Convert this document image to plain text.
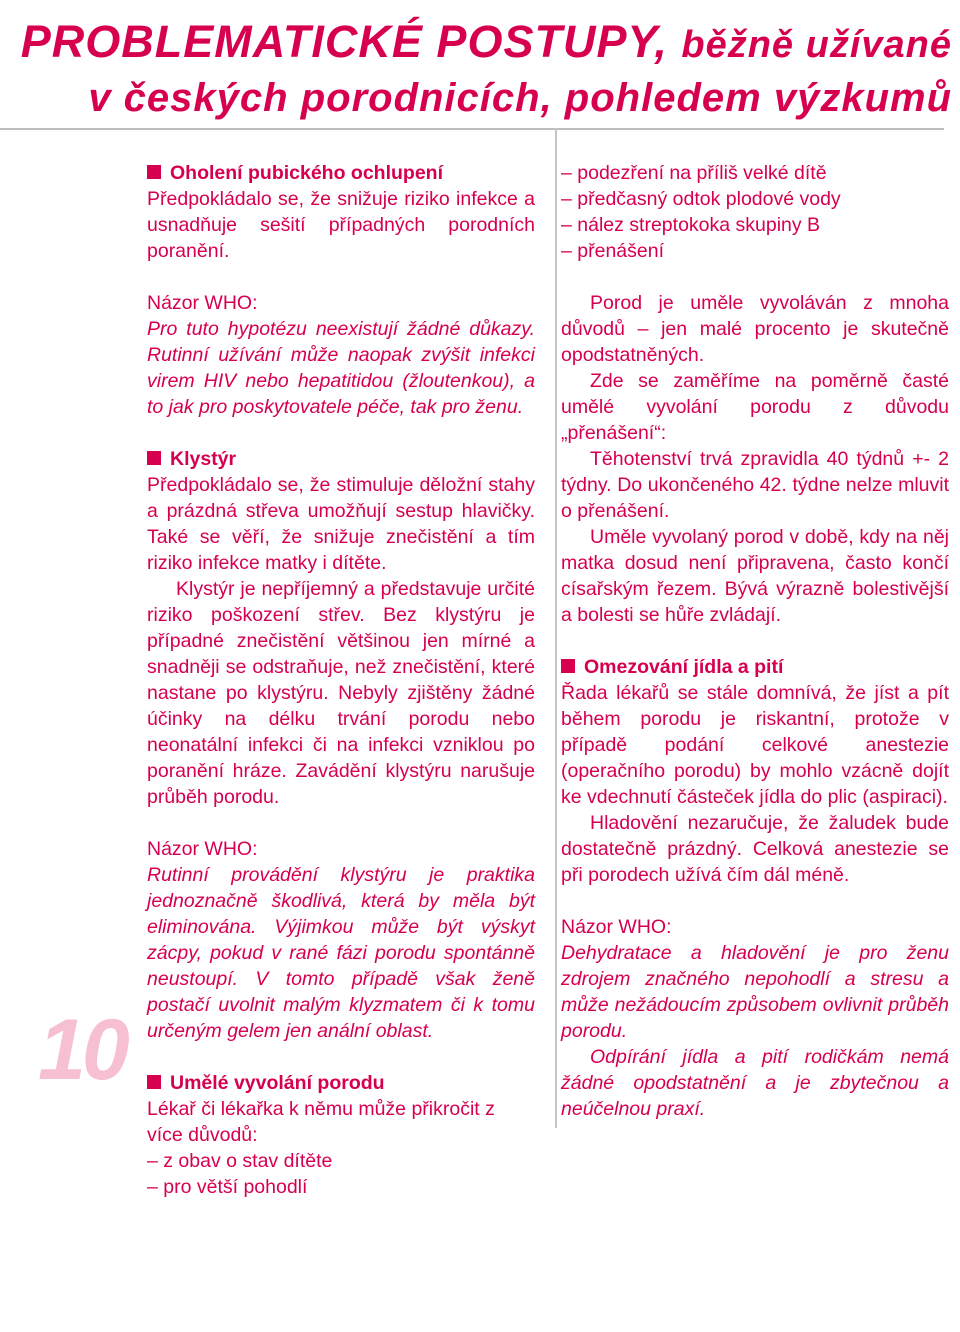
PROBLEMATICKÉ POSTUPY, běžně užívané
v českých porodnicích, pohledem výzkumů
10

Oholení pubického ochlupení

Předpokládalo se, že snižuje riziko infekce a usnadňuje sešití případných porodních poranění.

Názor WHO:

Pro tuto hypotézu neexistují žádné důkazy. Rutinní užívání může naopak zvýšit infekci virem HIV nebo hepatitidou (žloutenkou), a to jak pro poskytovatele péče, tak pro ženu.

Klystýr

Předpokládalo se, že stimuluje děložní stahy a prázdná střeva umožňují sestup hlavičky. Také se věří, že snižuje znečistění a tím riziko infekce matky i dítěte.

Klystýr je nepříjemný a představuje určité riziko poškození střev. Bez klystýru je případné znečistění většinou jen mírné a snadněji se odstraňuje, než znečistění, které nastane po klystýru. Nebyly zjištěny žádné účinky na délku trvání porodu nebo neonatální infekci či na infekci vzniklou po poranění hráze. Zavádění klystýru narušuje průběh porodu.

Názor WHO:

Rutinní provádění klystýru je praktika jednoznačně škodlivá, která by měla být eliminována. Výjimkou může být výskyt zácpy, pokud v rané fázi porodu spontánně neustoupí. V tomto případě však ženě postačí uvolnit malým klyzmatem či k tomu určeným gelem jen anální oblast.

Umělé vyvolání porodu

Lékař či lékařka k němu může přikročit z více důvodů:

– z obav o stav dítěte

– pro větší pohodlí

– podezření na příliš velké dítě

– předčasný odtok plodové vody

– nález streptokoka skupiny B

– přenášení

Porod je uměle vyvoláván z mnoha důvodů – jen malé procento je skutečně opodstatněných.

Zde se zaměříme na poměrně časté umělé vyvolání porodu z důvodu „přenášení“:

Těhotenství trvá zpravidla 40 týdnů +- 2 týdny. Do ukončeného 42. týdne nelze mluvit o přenášení.

Uměle vyvolaný porod v době, kdy na něj matka dosud není připravena, často končí císařským řezem. Bývá výrazně bolestivější a bolesti se hůře zvládají.

Omezování jídla a pití

Řada lékařů se stále domnívá, že jíst a pít během porodu je riskantní, protože v případě podání celkové anestezie (operačního porodu) by mohlo vzácně dojít ke vdechnutí částeček jídla do plic (aspiraci).

Hladovění nezaručuje, že žaludek bude dostatečně prázdný. Celková anestezie se při porodech užívá čím dál méně.

Názor WHO:

Dehydratace a hladovění je pro ženu zdrojem značného nepohodlí a stresu a může nežádoucím způsobem ovlivnit průběh porodu.

Odpírání jídla a pití rodičkám nemá žádné opodstatnění a je zbytečnou a neúčelnou praxí.
